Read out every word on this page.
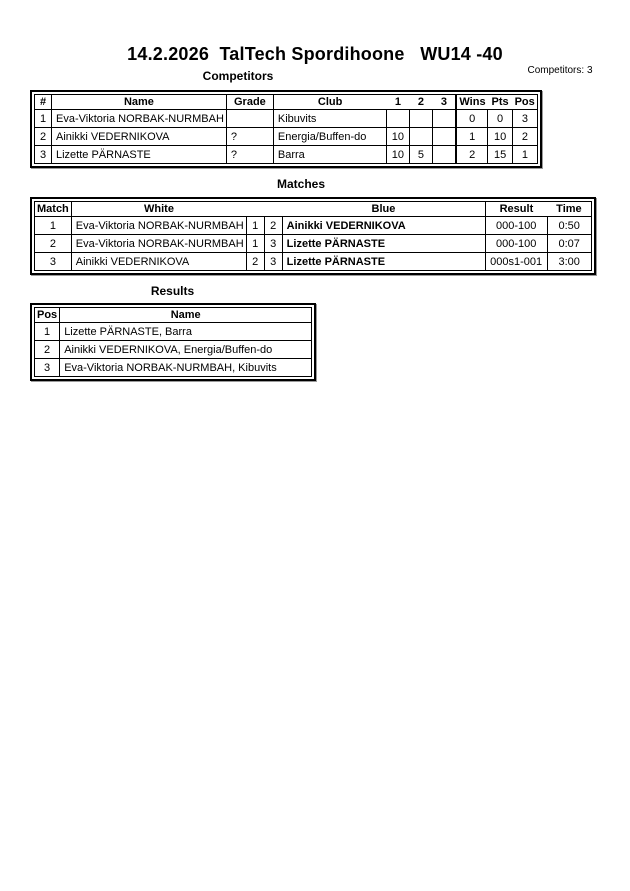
14.2.2026  TalTech Spordihoone   WU14 -40
Competitors	Competitors: 3
#	Name	Grade	Club	1	2	3	Wins	Pts	Pos
1	Eva-Viktoria NORBAK-NURMBAH		Kibuvits				0	0	3
2	Ainikki VEDERNIKOVA	?	Energia/Buffen-do	10			1	10	2
3	Lizette PÄRNASTE	?	Barra	10	5		2	15	1
Matches
Match	White			Blue	Result	Time
1	Eva-Viktoria NORBAK-NURMBAH	1	2	Ainikki VEDERNIKOVA	000-100	0:50
2	Eva-Viktoria NORBAK-NURMBAH	1	3	Lizette PÄRNASTE	000-100	0:07
3	Ainikki VEDERNIKOVA	2	3	Lizette PÄRNASTE	000s1-001	3:00
Results
Pos	Name
1	Lizette PÄRNASTE, Barra
2	Ainikki VEDERNIKOVA, Energia/Buffen-do
3	Eva-Viktoria NORBAK-NURMBAH, Kibuvits
